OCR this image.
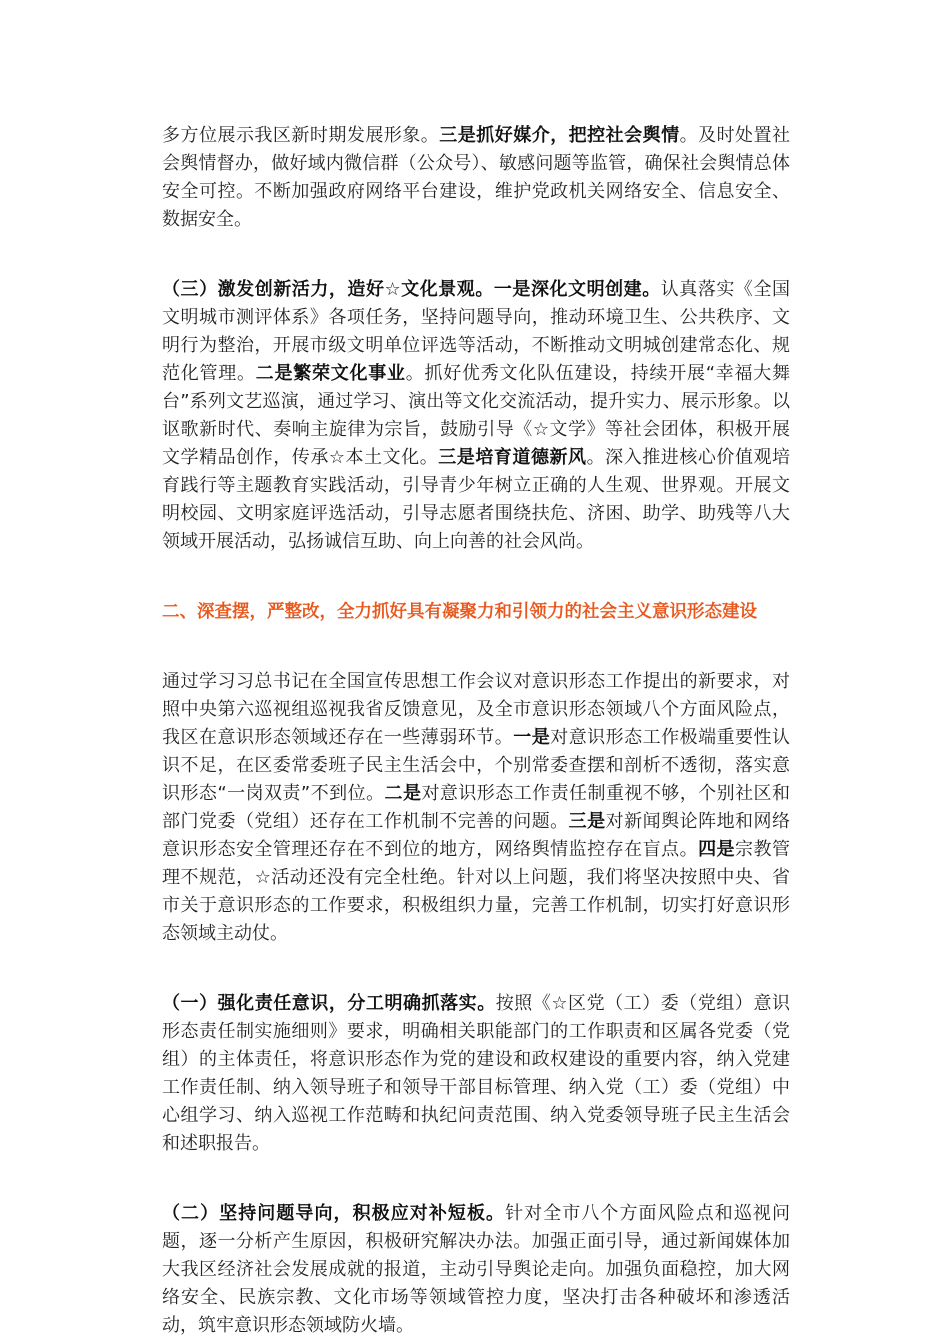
多方位展示我区新时期发展形象。三是抓好媒介，把控社会舆情。及时处置社会舆情督办，做好域内微信群（公众号）、敏感问题等监管，确保社会舆情总体安全可控。不断加强政府网络平台建设，维护党政机关网络安全、信息安全、数据安全。

（三）激发创新活力，造好☆文化景观。一是深化文明创建。认真落实《全国文明城市测评体系》各项任务，坚持问题导向，推动环境卫生、公共秩序、文明行为整治，开展市级文明单位评选等活动，不断推动文明城创建常态化、规范化管理。二是繁荣文化事业。抓好优秀文化队伍建设，持续开展“幸福大舞台”系列文艺巡演，通过学习、演出等文化交流活动，提升实力、展示形象。以讴歌新时代、奏响主旋律为宗旨，鼓励引导《☆文学》等社会团体，积极开展文学精品创作，传承☆本土文化。三是培育道德新风。深入推进核心价值观培育践行等主题教育实践活动，引导青少年树立正确的人生观、世界观。开展文明校园、文明家庭评选活动，引导志愿者围绕扶危、济困、助学、助残等八大领域开展活动，弘扬诚信互助、向上向善的社会风尚。

二、深查摆，严整改，全力抓好具有凝聚力和引领力的社会主义意识形态建设

通过学习习总书记在全国宣传思想工作会议对意识形态工作提出的新要求，对照中央第六巡视组巡视我省反馈意见，及全市意识形态领域八个方面风险点，我区在意识形态领域还存在一些薄弱环节。一是对意识形态工作极端重要性认识不足，在区委常委班子民主生活会中，个别常委查摆和剖析不透彻，落实意识形态“一岗双责”不到位。二是对意识形态工作责任制重视不够，个别社区和部门党委（党组）还存在工作机制不完善的问题。三是对新闻舆论阵地和网络意识形态安全管理还存在不到位的地方，网络舆情监控存在盲点。四是宗教管理不规范，☆活动还没有完全杜绝。针对以上问题，我们将坚决按照中央、省市关于意识形态的工作要求，积极组织力量，完善工作机制，切实打好意识形态领域主动仗。

（一）强化责任意识，分工明确抓落实。按照《☆区党（工）委（党组）意识形态责任制实施细则》要求，明确相关职能部门的工作职责和区属各党委（党组）的主体责任，将意识形态作为党的建设和政权建设的重要内容，纳入党建工作责任制、纳入领导班子和领导干部目标管理、纳入党（工）委（党组）中心组学习、纳入巡视工作范畴和执纪问责范围、纳入党委领导班子民主生活会和述职报告。

（二）坚持问题导向，积极应对补短板。针对全市八个方面风险点和巡视问题，逐一分析产生原因，积极研究解决办法。加强正面引导，通过新闻媒体加大我区经济社会发展成就的报道，主动引导舆论走向。加强负面稳控，加大网络安全、民族宗教、文化市场等领域管控力度，坚决打击各种破坏和渗透活动，筑牢意识形态领域防火墙。
